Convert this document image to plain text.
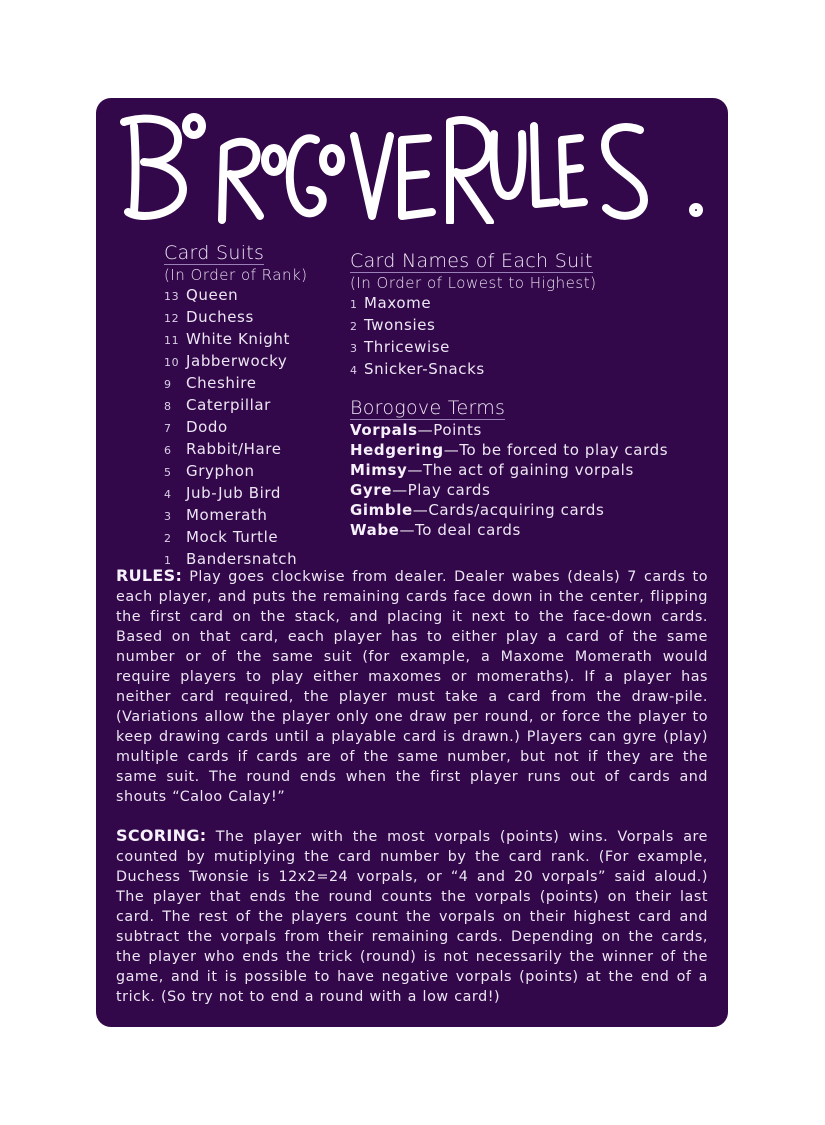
Card Suits
(In Order of Rank)
13 Queen
12 Duchess
11 White Knight
10 Jabberwocky
9 Cheshire
8 Caterpillar
7 Dodo
6 Rabbit/Hare
5 Gryphon
4 Jub-Jub Bird
3 Momerath
2 Mock Turtle
1 Bandersnatch
Card Names of Each Suit
(In Order of Lowest to Highest)
1 Maxome
2 Twonsies
3 Thricewise
4 Snicker-Snacks
Borogove Terms
Vorpals—Points
Hedgering—To be forced to play cards
Mimsy—The act of gaining vorpals
Gyre—Play cards
Gimble—Cards/acquiring cards
Wabe—To deal cards
RULES: Play goes clockwise from dealer. Dealer wabes (deals) 7 cards to each player, and puts the remaining cards face down in the center, flipping the first card on the stack, and placing it next to the face-down cards. Based on that card, each player has to either play a card of the same number or of the same suit (for example, a Maxome Momerath would require players to play either maxomes or momeraths). If a player has neither card required, the player must take a card from the draw-pile. (Variations allow the player only one draw per round, or force the player to keep drawing cards until a playable card is drawn.) Players can gyre (play) multiple cards if cards are of the same number, but not if they are the same suit. The round ends when the first player runs out of cards and shouts “Caloo Calay!”
SCORING: The player with the most vorpals (points) wins. Vorpals are counted by mutiplying the card number by the card rank. (For example, Duchess Twonsie is 12x2=24 vorpals, or “4 and 20 vorpals” said aloud.) The player that ends the round counts the vorpals (points) on their last card. The rest of the players count the vorpals on their highest card and subtract the vorpals from their remaining cards. Depending on the cards, the player who ends the trick (round) is not necessarily the winner of the game, and it is possible to have negative vorpals (points) at the end of a trick. (So try not to end a round with a low card!)
